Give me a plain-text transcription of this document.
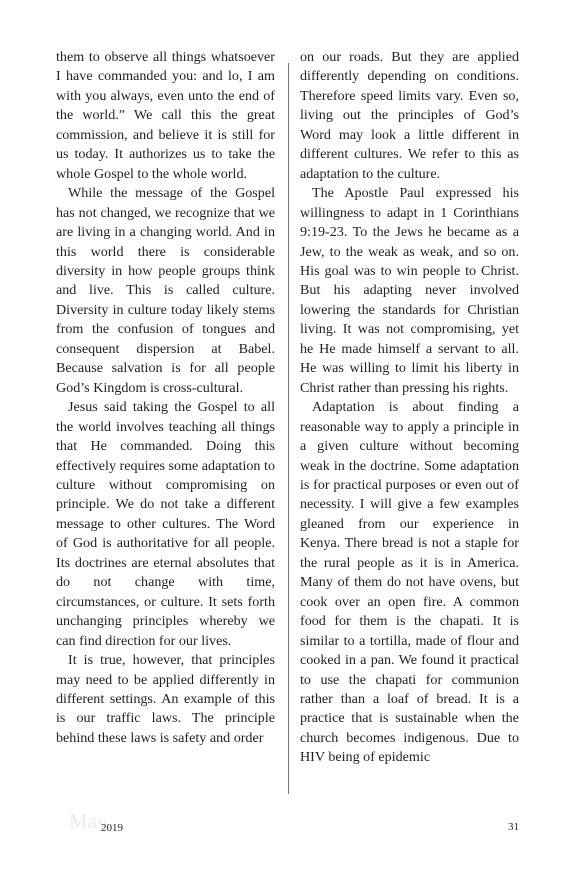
them to observe all things whatsoever I have commanded you: and lo, I am with you always, even unto the end of the world.” We call this the great commission, and believe it is still for us today. It authorizes us to take the whole Gospel to the whole world.

While the message of the Gospel has not changed, we recognize that we are living in a changing world. And in this world there is considerable diversity in how people groups think and live. This is called culture. Diversity in culture today likely stems from the confusion of tongues and consequent dispersion at Babel. Because salvation is for all people God’s Kingdom is cross-cultural.

Jesus said taking the Gospel to all the world involves teaching all things that He commanded. Doing this effectively requires some adaptation to culture without compromising on principle. We do not take a different message to other cultures. The Word of God is authoritative for all people. Its doctrines are eternal absolutes that do not change with time, circumstances, or culture. It sets forth unchanging principles whereby we can find direction for our lives.

It is true, however, that principles may need to be applied differently in different settings. An example of this is our traffic laws. The principle behind these laws is safety and order

on our roads. But they are applied differently depending on conditions. Therefore speed limits vary. Even so, living out the principles of God’s Word may look a little different in different cultures. We refer to this as adaptation to the culture.

The Apostle Paul expressed his willingness to adapt in 1 Corinthians 9:19-23. To the Jews he became as a Jew, to the weak as weak, and so on. His goal was to win people to Christ. But his adapting never involved lowering the standards for Christian living. It was not compromising, yet he He made himself a servant to all. He was willing to limit his liberty in Christ rather than pressing his rights.

Adaptation is about finding a reasonable way to apply a principle in a given culture without becoming weak in the doctrine. Some adaptation is for practical purposes or even out of necessity. I will give a few examples gleaned from our experience in Kenya. There bread is not a staple for the rural people as it is in America. Many of them do not have ovens, but cook over an open fire. A common food for them is the chapati. It is similar to a tortilla, made of flour and cooked in a pan. We found it practical to use the chapati for communion rather than a loaf of bread. It is a practice that is sustainable when the church becomes indigenous. Due to HIV being of epidemic

May
2019	31
